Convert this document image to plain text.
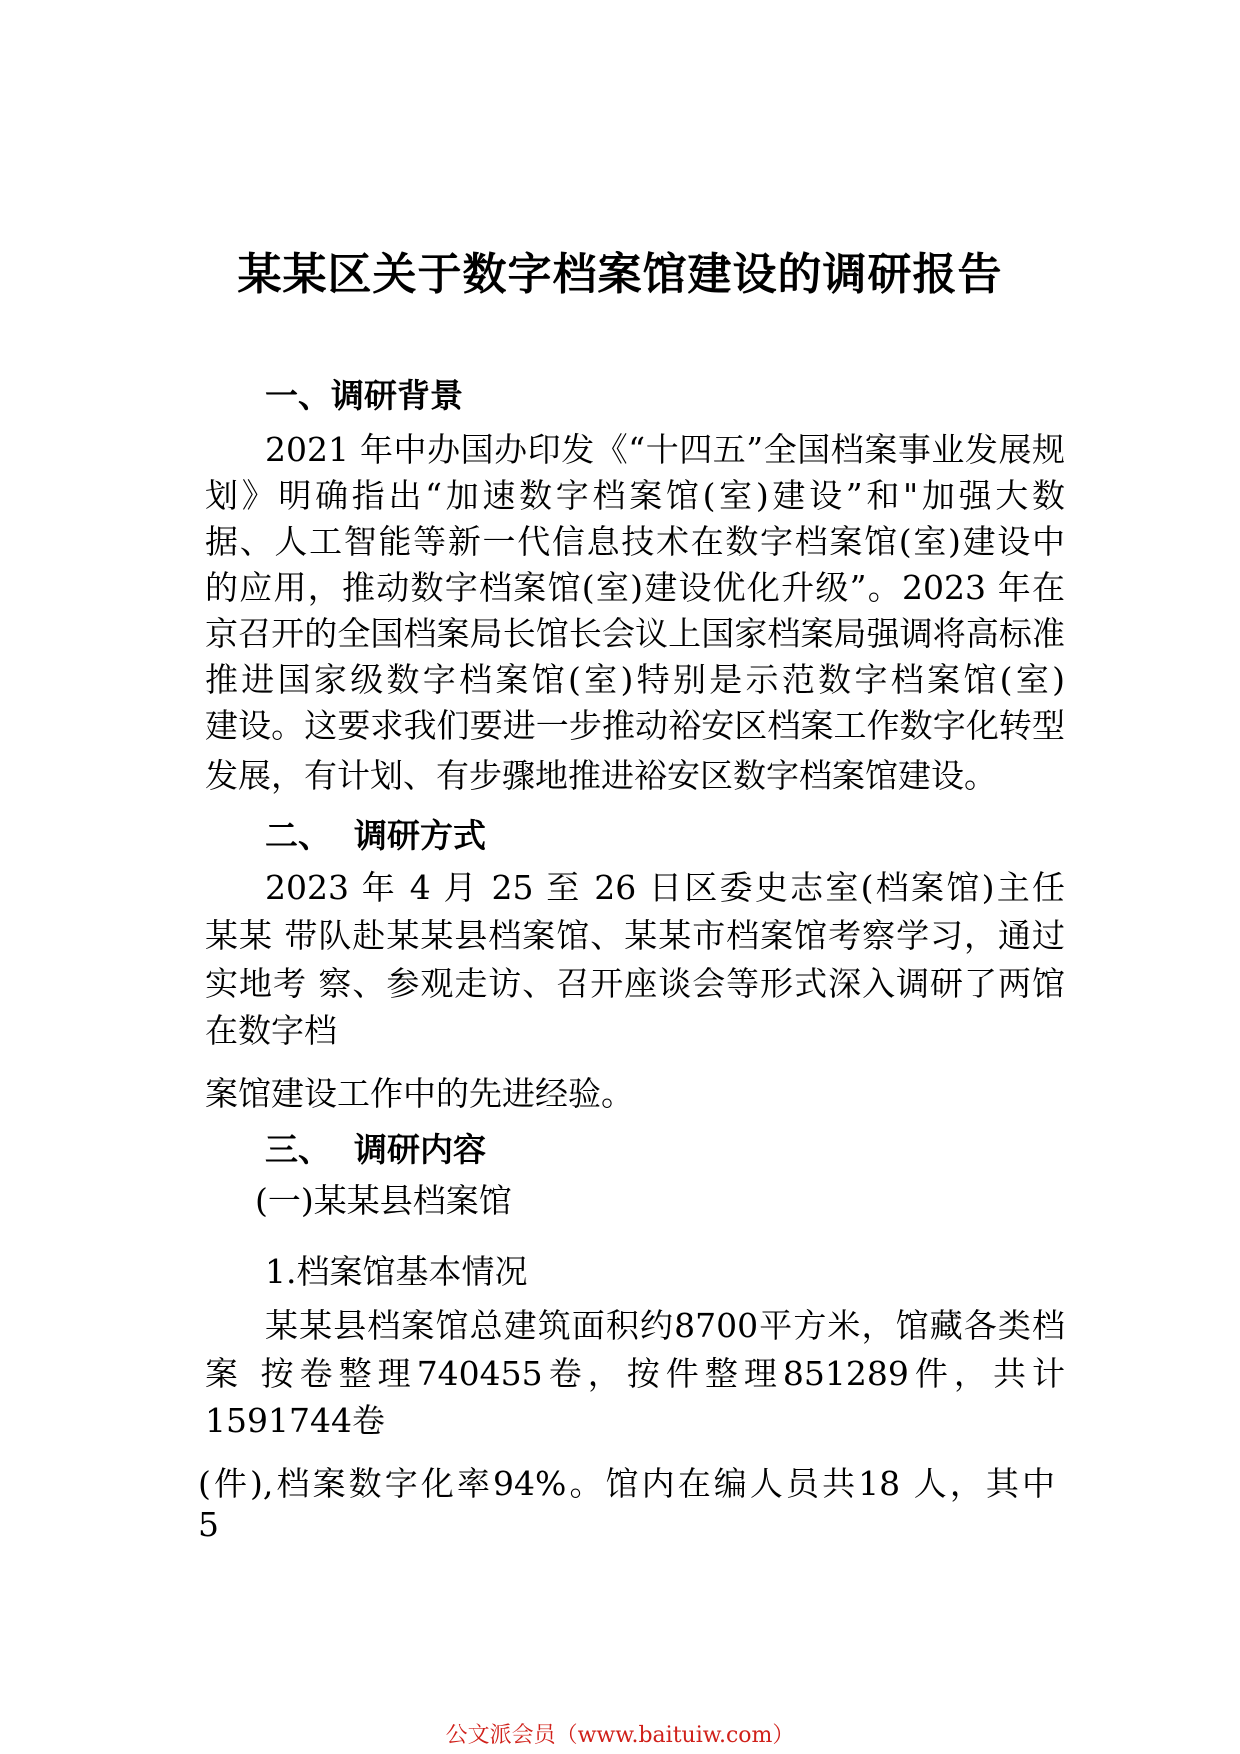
某某区关于数字档案馆建设的调研报告
一、调研背景

2021 年中办国办印发《“十四五”全国档案事业发展规

划》明确指出“加速数字档案馆(室)建设”和"加强大数

据、人工智能等新一代信息技术在数字档案馆(室)建设中

的应用，推动数字档案馆(室)建设优化升级”。2023 年在

京召开的全国档案局长馆长会议上国家档案局强调将高标准

推进国家级数字档案馆(室)特别是示范数字档案馆(室)

建设。这要求我们要进一步推动裕安区档案工作数字化转型

发展，有计划、有步骤地推进裕安区数字档案馆建设。

二、  调研方式

2023 年 4 月 25 至 26 日区委史志室(档案馆)主任

某某 带队赴某某县档案馆、某某市档案馆考察学习，通过

实地考 察、参观走访、召开座谈会等形式深入调研了两馆

在数字档

案馆建设工作中的先进经验。

三、  调研内容

(一)某某县档案馆

1.档案馆基本情况

某某县档案馆总建筑面积约8700平方米，馆藏各类档

案 按卷整理740455卷，按件整理851289件，共计

1591744卷

(件),档案数字化率94%。馆内在编人员共18 人，其中

5

公文派会员（www.baituiw.com）
